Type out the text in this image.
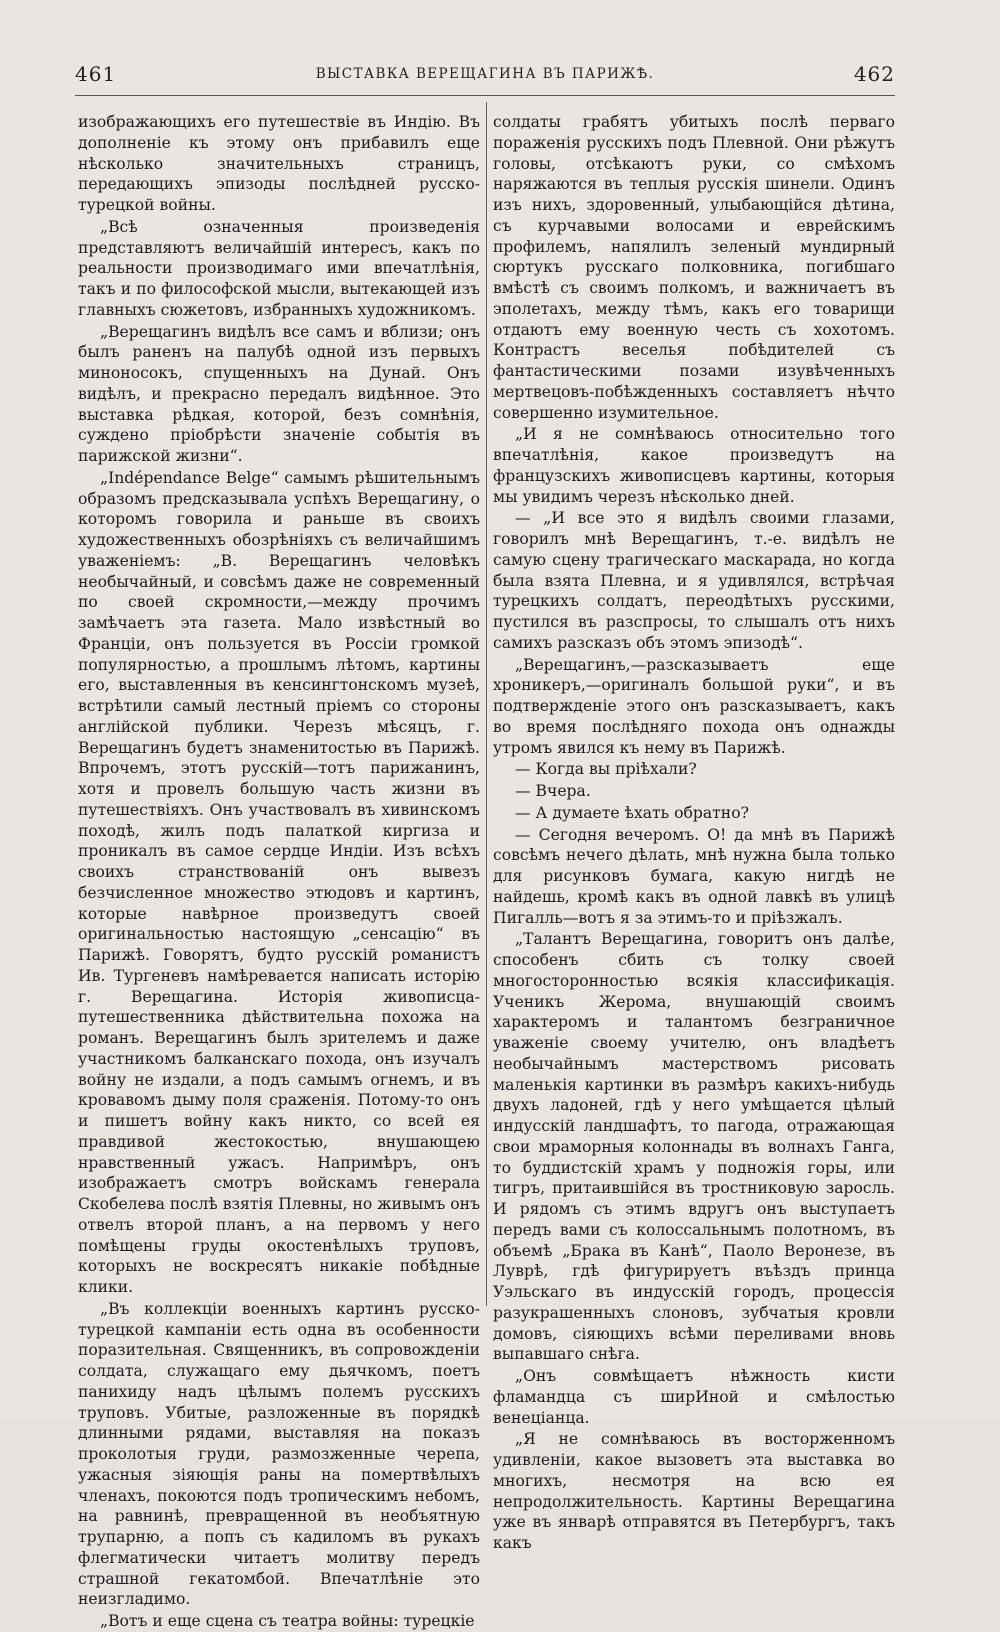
461	ВЫСТАВКА ВЕРЕЩАГИНА ВЪ ПАРИЖѢ.	462

изображающихъ его путешествіе въ Индію. Въ дополненіе къ этому онъ прибавилъ еще нѣсколько значительныхъ страницъ, передающихъ эпизоды послѣдней русско-турецкой войны.

„Всѣ означенныя произведенія представляютъ величайшій интересъ, какъ по реальности производимаго ими впечатлѣнія, такъ и по философской мысли, вытекающей изъ главныхъ сюжетовъ, избранныхъ художникомъ.

„Верещагинъ видѣлъ все самъ и вблизи; онъ былъ раненъ на палубѣ одной изъ первыхъ миноносокъ, спущенныхъ на Дунай. Онъ видѣлъ, и прекрасно передалъ видѣнное. Это выставка рѣдкая, которой, безъ сомнѣнія, суждено пріобрѣсти значеніе событія въ парижской жизни“.

„Indépendance Belge“ самымъ рѣшительнымъ образомъ предсказывала успѣхъ Верещагину, о которомъ говорила и раньше въ своихъ художественныхъ обозрѣніяхъ съ величайшимъ уваженіемъ: „В. Верещагинъ человѣкъ необычайный, и совсѣмъ даже не современный по своей скромности,—между прочимъ замѣчаетъ эта газета. Мало извѣстный во Франціи, онъ пользуется въ Россіи громкой популярностью, а прошлымъ лѣтомъ, картины его, выставленныя въ кенсингтонскомъ музеѣ, встрѣтили самый лестный пріемъ со стороны англійской публики. Черезъ мѣсяцъ, г. Верещагинъ будетъ знаменитостью въ Парижѣ. Впрочемъ, этотъ русскій—тотъ парижанинъ, хотя и провелъ большую часть жизни въ путешествіяхъ. Онъ участвовалъ въ хивинскомъ походѣ, жилъ подъ палаткой киргиза и проникалъ въ самое сердце Индіи. Изъ всѣхъ своихъ странствованій онъ вывезъ безчисленное множество этюдовъ и картинъ, которые навѣрное произведутъ своей оригинальностью настоящую „сенсацію“ въ Парижѣ. Говорятъ, будто русскій романистъ Ив. Тургеневъ намѣревается написать исторію г. Верещагина. Исторія живописца-путешественника дѣйствительна похожа на романъ. Верещагинъ былъ зрителемъ и даже участникомъ балканскаго похода, онъ изучалъ войну не издали, а подъ самымъ огнемъ, и въ кровавомъ дыму поля сраженія. Потому-то онъ и пишетъ войну какъ никто, со всей ея правдивой жестокостью, внушающею нравственный ужасъ. Напримѣръ, онъ изображаетъ смотръ войскамъ генерала Скобелева послѣ взятія Плевны, но живымъ онъ отвелъ второй планъ, а на первомъ у него помѣщены груды окостенѣлыхъ труповъ, которыхъ не воскресятъ никакіе побѣдные клики.

„Въ коллекціи военныхъ картинъ русско-турецкой кампаніи есть одна въ особенности поразительная. Священникъ, въ сопровожденіи солдата, служащаго ему дьячкомъ, поетъ панихиду надъ цѣлымъ полемъ русскихъ труповъ. Убитые, разложенные въ порядкѣ длинными рядами, выставляя на показъ проколотыя груди, размозженные черепа, ужасныя зіяющія раны на помертвѣлыхъ членахъ, покоются подъ тропическимъ небомъ, на равнинѣ, превращенной въ необъятную трупарню, а попъ съ кадиломъ въ рукахъ флегматически читаетъ молитву передъ страшной гекатомбой. Впечатлѣніе это неизгладимо.

„Вотъ и еще сцена съ театра войны: турецкіе

солдаты грабятъ убитыхъ послѣ перваго пораженія русскихъ подъ Плевной. Они рѣжутъ головы, отсѣкаютъ руки, со смѣхомъ наряжаются въ теплыя русскія шинели. Одинъ изъ нихъ, здоровенный, улыбающійся дѣтина, съ курчавыми волосами и еврейскимъ профилемъ, напялилъ зеленый мундирный сюртукъ русскаго полковника, погибшаго вмѣстѣ съ своимъ полкомъ, и важничаетъ въ эполетахъ, между тѣмъ, какъ его товарищи отдаютъ ему военную честь съ хохотомъ. Контрастъ веселья побѣдителей съ фантастическими позами изувѣченныхъ мертвецовъ-побѣжденныхъ составляетъ нѣчто совершенно изумительное.

„И я не сомнѣваюсь относительно того впечатлѣнія, какое произведутъ на французскихъ живописцевъ картины, которыя мы увидимъ черезъ нѣсколько дней.

— „И все это я видѣлъ своими глазами, говорилъ мнѣ Верещагинъ, т.-е. видѣлъ не самую сцену трагическаго маскарада, но когда была взята Плевна, и я удивлялся, встрѣчая турецкихъ солдатъ, переодѣтыхъ русскими, пустился въ разспросы, то слышалъ отъ нихъ самихъ разсказъ объ этомъ эпизодѣ“.

„Верещагинъ,—разсказываетъ еще хроникеръ,—оригиналъ большой руки“, и въ подтвержденіе этого онъ разсказываетъ, какъ во время послѣдняго похода онъ однажды утромъ явился къ нему въ Парижѣ.

— Когда вы пріѣхали?

— Вчера.

— А думаете ѣхать обратно?

— Сегодня вечеромъ. О! да мнѣ въ Парижѣ совсѣмъ нечего дѣлать, мнѣ нужна была только для рисунковъ бумага, какую нигдѣ не найдешь, кромѣ какъ въ одной лавкѣ въ улицѣ Пигалль—вотъ я за этимъ-то и пріѣзжалъ.

„Талантъ Верещагина, говоритъ онъ далѣе, способенъ сбить съ толку своей многосторонностью всякія классификація. Ученикъ Жерома, внушающій своимъ характеромъ и талантомъ безграничное уваженіе своему учителю, онъ владѣетъ необычайнымъ мастерствомъ рисовать маленькія картинки въ размѣръ какихъ-нибудь двухъ ладоней, гдѣ у него умѣщается цѣлый индусскій ландшафтъ, то пагода, отражающая свои мраморныя колоннады въ волнахъ Ганга, то буддистскій храмъ у подножія горы, или тигръ, притаившійся въ тростниковую заросль. И рядомъ съ этимъ вдругъ онъ выступаетъ передъ вами съ колоссальнымъ полотномъ, въ объемѣ „Брака въ Канѣ“, Паоло Веронезе, въ Луврѣ, гдѣ фигурируетъ въѣздъ принца Уэльскаго въ индусскій городъ, процессія разукрашенныхъ слоновъ, зубчатыя кровли домовъ, сіяющихъ всѣми переливами вновь выпавшаго снѣга.

„Онъ совмѣщаетъ нѣжность кисти фламандца съ ширИной и смѣлостью венеціанца.

„Я не сомнѣваюсь въ восторженномъ удивленіи, какое вызоветъ эта выставка во многихъ, несмотря на всю ея непродолжительность. Картины Верещагина уже въ январѣ отправятся въ Петербургъ, такъ какъ
